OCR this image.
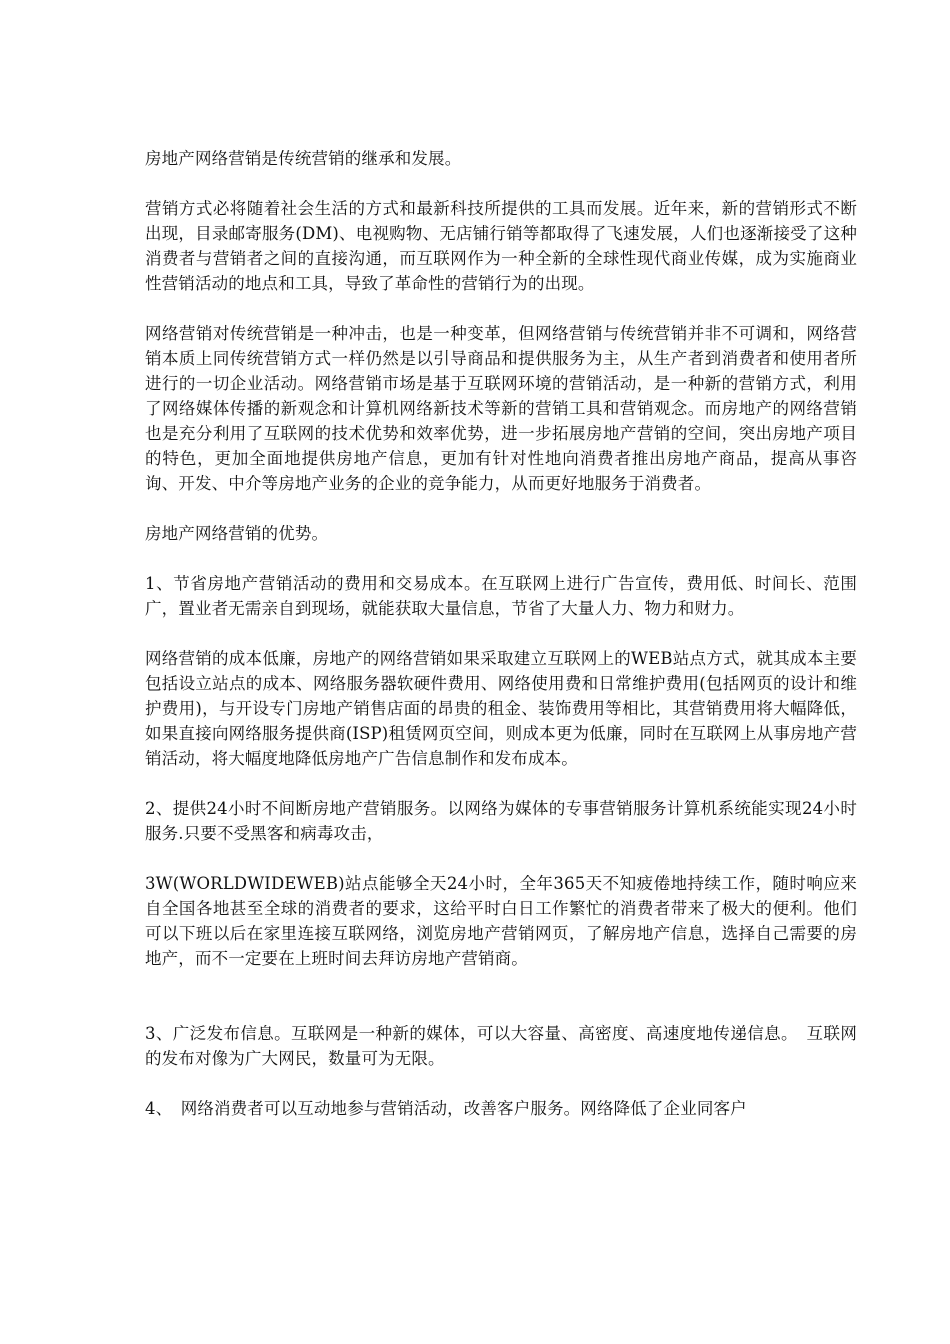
房地产网络营销是传统营销的继承和发展。

营销方式必将随着社会生活的方式和最新科技所提供的工具而发展。近年来，新的营销形式不断出现，目录邮寄服务(DM)、电视购物、无店铺行销等都取得了飞速发展，人们也逐渐接受了这种消费者与营销者之间的直接沟通，而互联网作为一种全新的全球性现代商业传媒，成为实施商业性营销活动的地点和工具，导致了革命性的营销行为的出现。

网络营销对传统营销是一种冲击，也是一种变革，但网络营销与传统营销并非不可调和，网络营销本质上同传统营销方式一样仍然是以引导商品和提供服务为主，从生产者到消费者和使用者所进行的一切企业活动。网络营销市场是基于互联网环境的营销活动，是一种新的营销方式，利用了网络媒体传播的新观念和计算机网络新技术等新的营销工具和营销观念。而房地产的网络营销也是充分利用了互联网的技术优势和效率优势，进一步拓展房地产营销的空间，突出房地产项目的特色，更加全面地提供房地产信息，更加有针对性地向消费者推出房地产商品，提高从事咨询、开发、中介等房地产业务的企业的竞争能力，从而更好地服务于消费者。

房地产网络营销的优势。

1、节省房地产营销活动的费用和交易成本。在互联网上进行广告宣传，费用低、时间长、范围广，置业者无需亲自到现场，就能获取大量信息，节省了大量人力、物力和财力。

网络营销的成本低廉，房地产的网络营销如果采取建立互联网上的WEB站点方式，就其成本主要包括设立站点的成本、网络服务器软硬件费用、网络使用费和日常维护费用(包括网页的设计和维护费用)，与开设专门房地产销售店面的昂贵的租金、装饰费用等相比，其营销费用将大幅降低，如果直接向网络服务提供商(ISP)租赁网页空间，则成本更为低廉，同时在互联网上从事房地产营销活动，将大幅度地降低房地产广告信息制作和发布成本。

2、提供24小时不间断房地产营销服务。以网络为媒体的专事营销服务计算机系统能实现24小时服务.只要不受黑客和病毒攻击，

3W(WORLDWIDEWEB)站点能够全天24小时，全年365天不知疲倦地持续工作，随时响应来自全国各地甚至全球的消费者的要求，这给平时白日工作繁忙的消费者带来了极大的便利。他们可以下班以后在家里连接互联网络，浏览房地产营销网页，了解房地产信息，选择自己需要的房地产，而不一定要在上班时间去拜访房地产营销商。

3、广泛发布信息。互联网是一种新的媒体，可以大容量、高密度、高速度地传递信息。　互联网的发布对像为广大网民，数量可为无限。

4、　网络消费者可以互动地参与营销活动，改善客户服务。网络降低了企业同客户
